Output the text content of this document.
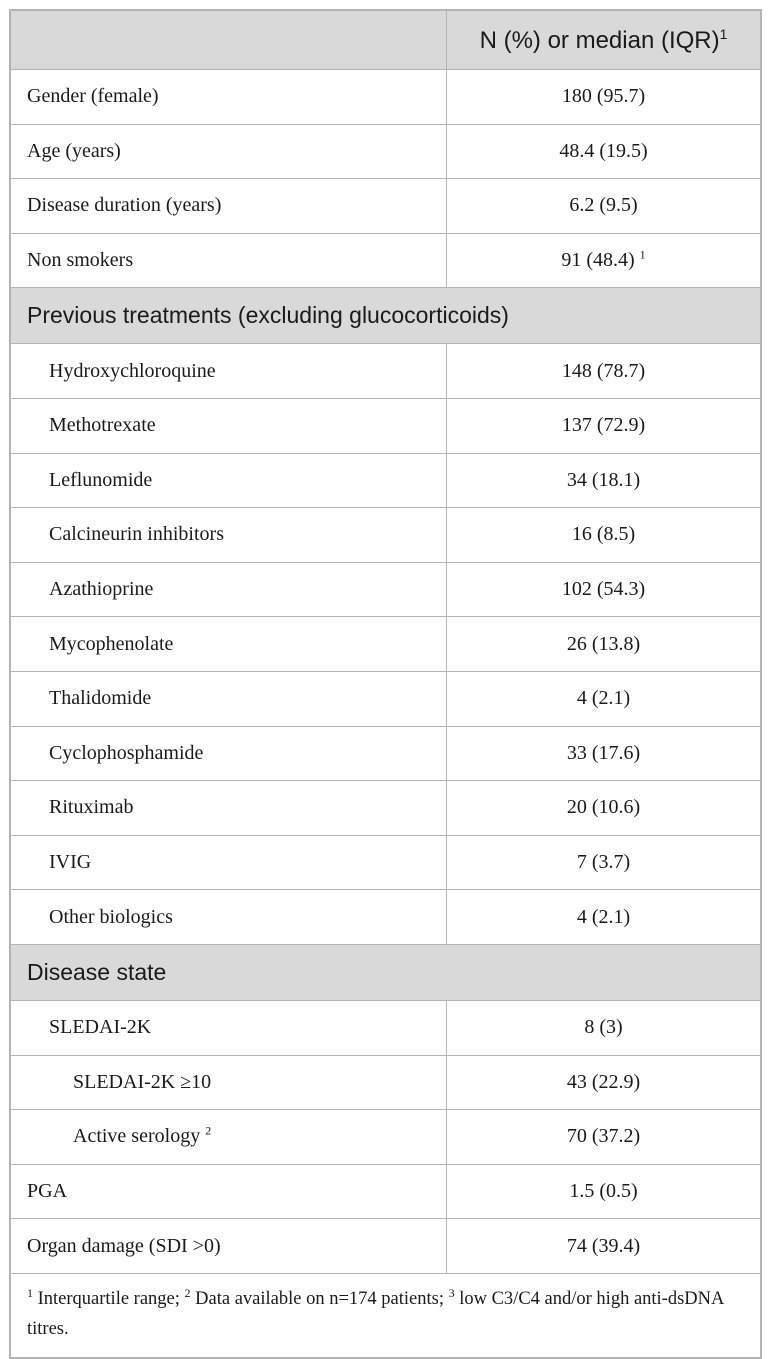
	N (%) or median (IQR)$^1$
Gender (female)	180 (95.7)
Age (years)	48.4 (19.5)
Disease duration (years)	6.2 (9.5)
Non smokers	91 (48.4) $^1$
Previous treatments (excluding glucocorticoids)	
Hydroxychloroquine	148 (78.7)
Methotrexate	137 (72.9)
Leflunomide	34 (18.1)
Calcineurin inhibitors	16 (8.5)
Azathioprine	102 (54.3)
Mycophenolate	26 (13.8)
Thalidomide	4 (2.1)
Cyclophosphamide	33 (17.6)
Rituximab	20 (10.6)
IVIG	7 (3.7)
Other biologics	4 (2.1)
Disease state	
SLEDAI-2K	8 (3)
SLEDAI-2K ≥10	43 (22.9)
Active serology $^2$	70 (37.2)
PGA	1.5 (0.5)
Organ damage (SDI >0)	74 (39.4)
$^1$ Interquartile range; $^2$ Data available on n=174 patients; $^3$ low C3/C4 and/or high anti-dsDNA titres.	
